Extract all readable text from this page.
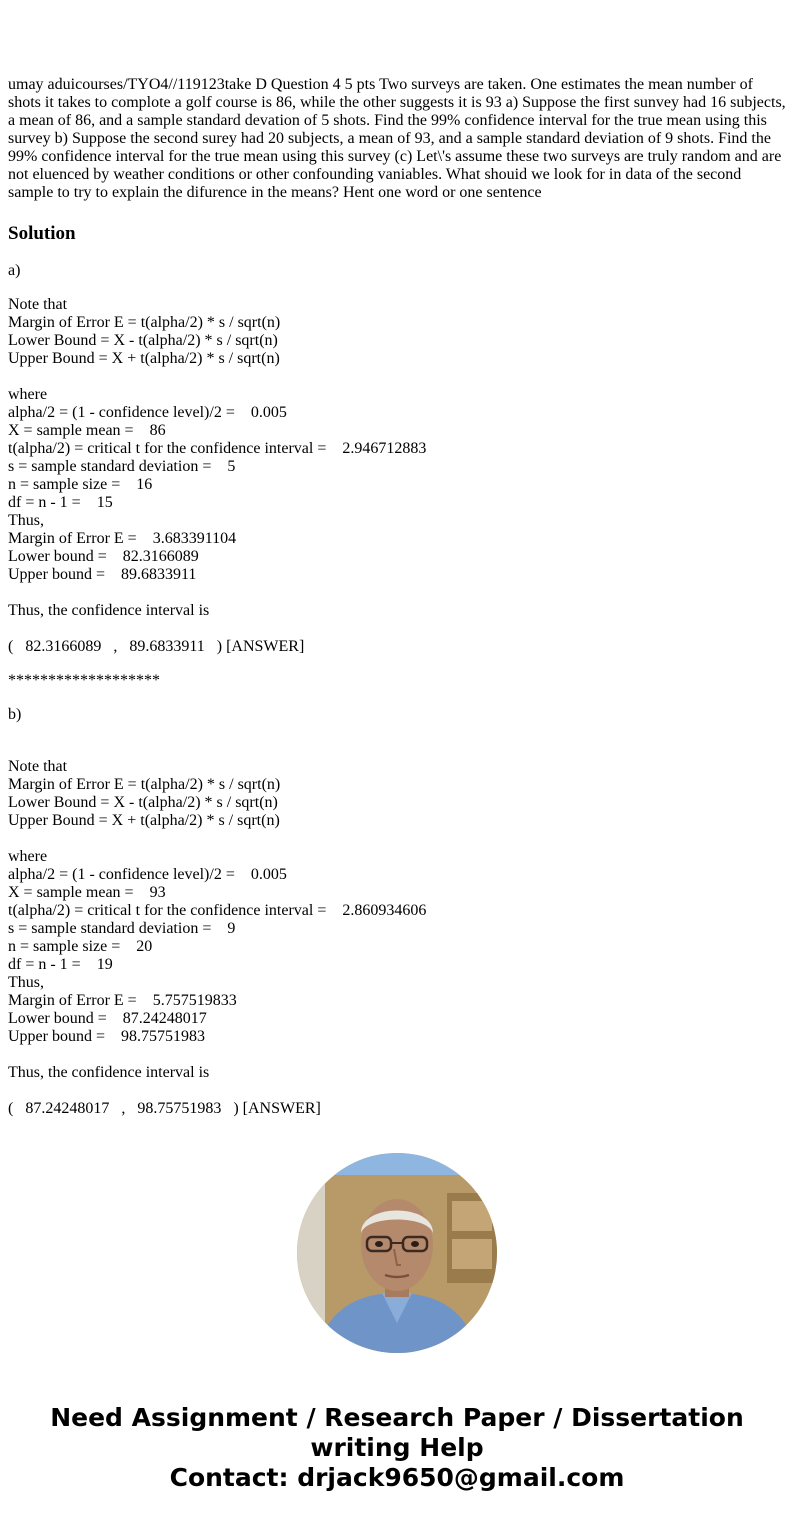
umay aduicourses/TYO4//119123take D Question 4 5 pts Two surveys are taken. One estimates the mean number of shots it takes to complote a golf course is 86, while the other suggests it is 93 a) Suppose the first sunvey had 16 subjects, a mean of 86, and a sample standard devation of 5 shots. Find the 99% confidence interval for the true mean using this survey b) Suppose the second surey had 20 subjects, a mean of 93, and a sample standard deviation of 9 shots. Find the 99% confidence interval for the true mean using this survey (c) Let\'s assume these two surveys are truly random and are not eluenced by weather conditions or other confounding vaniables. What shouid we look for in data of the second sample to try to explain the difurence in the means? Hent one word or one sentence

Solution
a)
Note that
Margin of Error E = t(alpha/2) * s / sqrt(n)
Lower Bound = X - t(alpha/2) * s / sqrt(n)
Upper Bound = X + t(alpha/2) * s / sqrt(n)
where
alpha/2 = (1 - confidence level)/2 =    0.005
X = sample mean =    86
t(alpha/2) = critical t for the confidence interval =    2.946712883
s = sample standard deviation =    5
n = sample size =    16
df = n - 1 =    15
Thus,
Margin of Error E =    3.683391104
Lower bound =    82.3166089
Upper bound =    89.6833911
Thus, the confidence interval is
(   82.3166089   ,   89.6833911   ) [ANSWER]
*******************
b)
Note that
Margin of Error E = t(alpha/2) * s / sqrt(n)
Lower Bound = X - t(alpha/2) * s / sqrt(n)
Upper Bound = X + t(alpha/2) * s / sqrt(n)
where
alpha/2 = (1 - confidence level)/2 =    0.005
X = sample mean =    93
t(alpha/2) = critical t for the confidence interval =    2.860934606
s = sample standard deviation =    9
n = sample size =    20
df = n - 1 =    19
Thus,
Margin of Error E =    5.757519833
Lower bound =    87.24248017
Upper bound =    98.75751983
Thus, the confidence interval is
(   87.24248017   ,   98.75751983   ) [ANSWER]
Need Assignment / Research Paper / Dissertation
writing Help
Contact: drjack9650@gmail.com
